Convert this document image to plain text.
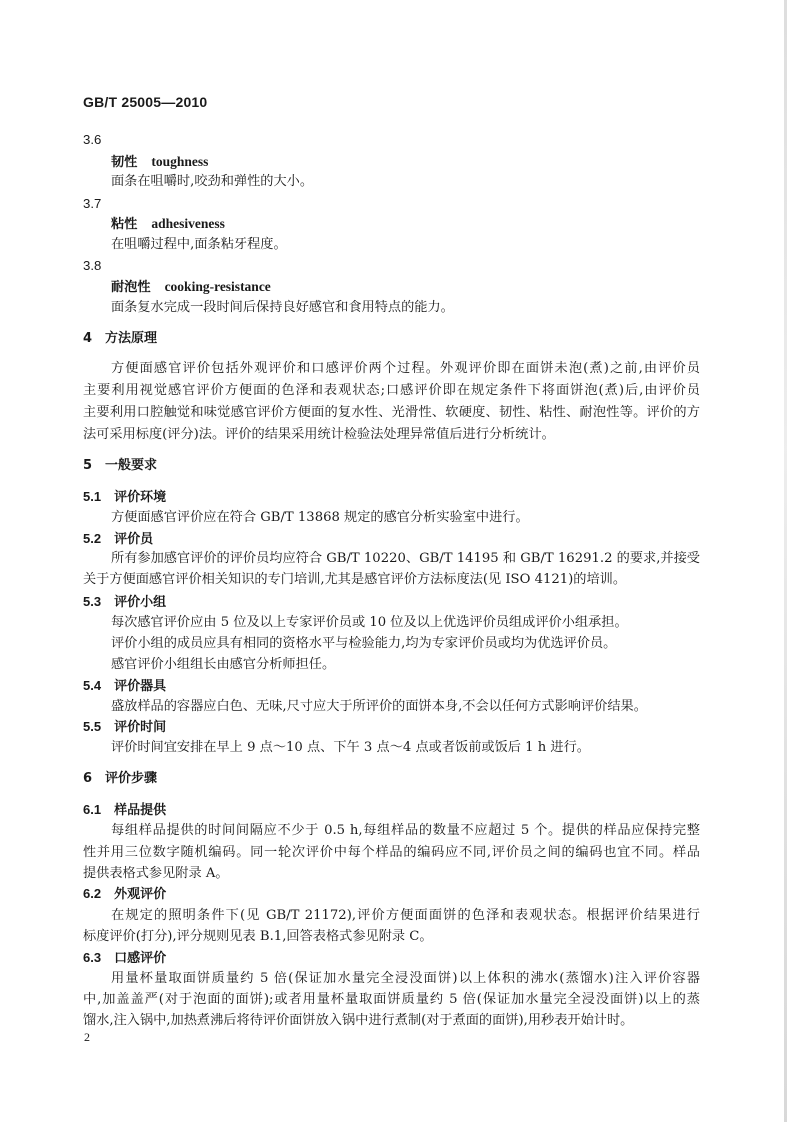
GB/T 25005—2010
3.6
韧性 toughness
面条在咀嚼时,咬劲和弹性的大小。
3.7
粘性 adhesiveness
在咀嚼过程中,面条粘牙程度。
3.8
耐泡性 cooking-resistance
面条复水完成一段时间后保持良好感官和食用特点的能力。
4　方法原理
方便面感官评价包括外观评价和口感评价两个过程。外观评价即在面饼未泡(煮)之前,由评价员
主要利用视觉感官评价方便面的色泽和表观状态;口感评价即在规定条件下将面饼泡(煮)后,由评价员
主要利用口腔触觉和味觉感官评价方便面的复水性、光滑性、软硬度、韧性、粘性、耐泡性等。评价的方
法可采用标度(评分)法。评价的结果采用统计检验法处理异常值后进行分析统计。
5　一般要求
5.1　 评价环境
方便面感官评价应在符合 GB/T 13868 规定的感官分析实验室中进行。
5.2　 评价员
所有参加感官评价的评价员均应符合 GB/T 10220、GB/T 14195 和 GB/T 16291.2 的要求,并接受
关于方便面感官评价相关知识的专门培训,尤其是感官评价方法标度法(见 ISO 4121)的培训。
5.3　 评价小组
每次感官评价应由 5 位及以上专家评价员或 10 位及以上优选评价员组成评价小组承担。
评价小组的成员应具有相同的资格水平与检验能力,均为专家评价员或均为优选评价员。
感官评价小组组长由感官分析师担任。
5.4　 评价器具
盛放样品的容器应白色、无味,尺寸应大于所评价的面饼本身,不会以任何方式影响评价结果。
5.5　 评价时间
评价时间宜安排在早上 9 点～10 点、下午 3 点～4 点或者饭前或饭后 1 h 进行。
6　评价步骤
6.1　 样品提供
每组样品提供的时间间隔应不少于 0.5 h,每组样品的数量不应超过 5 个。提供的样品应保持完整
性并用三位数字随机编码。同一轮次评价中每个样品的编码应不同,评价员之间的编码也宜不同。样品
提供表格式参见附录 A。
6.2　 外观评价
在规定的照明条件下(见 GB/T 21172),评价方便面面饼的色泽和表观状态。根据评价结果进行
标度评价(打分),评分规则见表 B.1,回答表格式参见附录 C。
6.3　 口感评价
用量杯量取面饼质量约 5 倍(保证加水量完全浸没面饼)以上体积的沸水(蒸馏水)注入评价容器
中,加盖盖严(对于泡面的面饼);或者用量杯量取面饼质量约 5 倍(保证加水量完全浸没面饼)以上的蒸
馏水,注入锅中,加热煮沸后将待评价面饼放入锅中进行煮制(对于煮面的面饼),用秒表开始计时。
2
